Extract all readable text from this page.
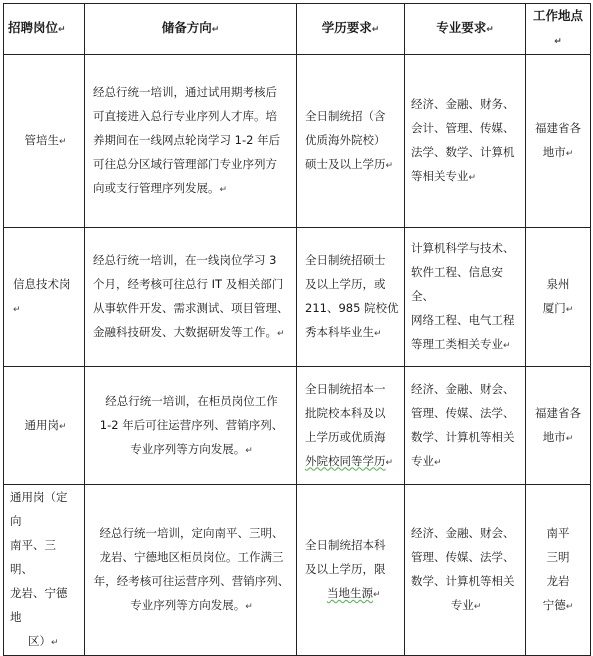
招聘岗位↵	储备方向↵	学历要求↵	专业要求↵	工作地点↵
管培生↵	经总行统一培训，通过试用期考核后
可直接进入总行专业序列人才库。培
养期间在一线网点轮岗学习 1-2 年后
可往总分区域行管理部门专业序列方
向或支行管理序列发展。↵	全日制统招（含
优质海外院校）
硕士及以上学历↵	经济、金融、财务、
会计、管理、传媒、
法学、数学、计算机
等相关专业↵	福建省各
地市↵

信息技术岗↵	经总行统一培训，在一线岗位学习 3
个月，经考核可往总行 IT 及相关部门
从事软件开发、需求测试、项目管理、
金融科技研发、大数据研发等工作。↵	全日制统招硕士
及以上学历，或
211、985 院校优
秀本科毕业生↵	计算机科学与技术、
软件工程、信息安全、
网络工程、电气工程
等理工类相关专业↵	泉州
厦门↵

通用岗↵	经总行统一培训，在柜员岗位工作
1-2 年后可往运营序列、营销序列、
专业序列等方向发展。↵	全日制统招本一
批院校本科及以
上学历或优质海
外院校同等学历↵	经济、金融、财会、
管理、传媒、法学、
数学、计算机等相关
专业↵	福建省各
地市↵

通用岗（定向
南平、三明、
龙岩、宁德地
区）↵	经总行统一培训，定向南平、三明、
龙岩、宁德地区柜员岗位。工作满三
年，经考核可往运营序列、营销序列、
专业序列等方向发展。↵	全日制统招本科
及以上学历，限
当地生源↵	经济、金融、财会、
管理、传媒、法学、
数学、计算机等相关
专业↵	南平
三明
龙岩
宁德↵
